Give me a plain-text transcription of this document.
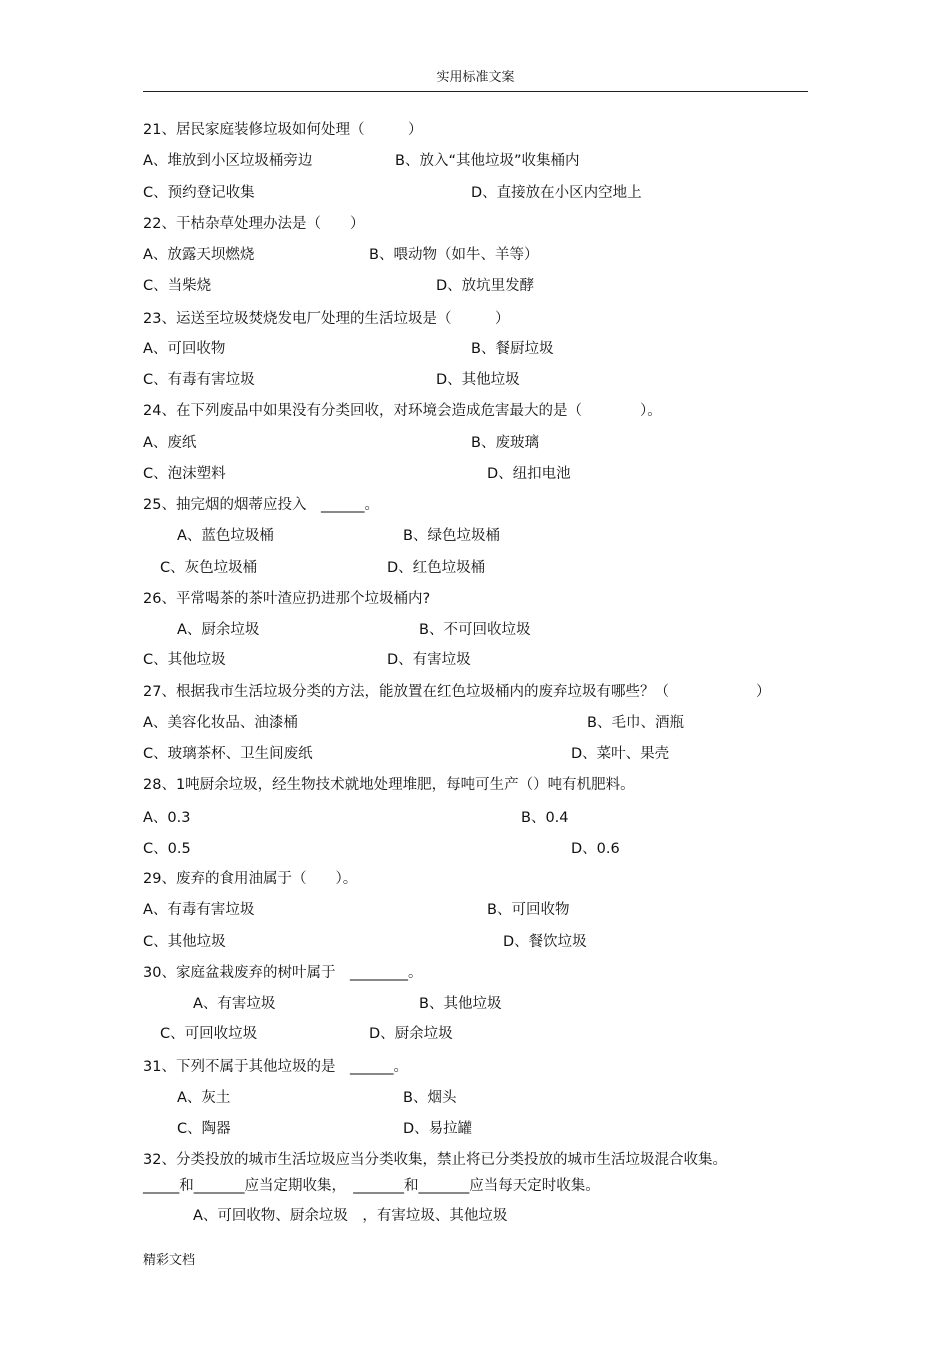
实用标准文案
21、居民家庭装修垃圾如何处理（　　　）
A、堆放到小区垃圾桶旁边	B、放入“其他垃圾”收集桶内
C、预约登记收集	D、直接放在小区内空地上
22、干枯杂草处理办法是（　　）
A、放露天坝燃烧	B、喂动物（如牛、羊等）
C、当柴烧	D、放坑里发酵
23、运送至垃圾焚烧发电厂处理的生活垃圾是（　　　）
A、可回收物	B、餐厨垃圾
C、有毒有害垃圾	D、其他垃圾
24、在下列废品中如果没有分类回收，对环境会造成危害最大的是（　　　　）。
A、废纸	B、废玻璃
C、泡沫塑料	D、纽扣电池
25、抽完烟的烟蒂应投入　______。
A、蓝色垃圾桶	B、绿色垃圾桶
C、灰色垃圾桶	D、红色垃圾桶
26、平常喝茶的茶叶渣应扔进那个垃圾桶内?
A、厨余垃圾	B、不可回收垃圾
C、其他垃圾	D、有害垃圾
27、根据我市生活垃圾分类的方法，能放置在红色垃圾桶内的废弃垃圾有哪些？（　　　　　　）
A、美容化妆品、油漆桶	B、毛巾、酒瓶
C、玻璃茶杯、卫生间废纸	D、菜叶、果壳
28、1吨厨余垃圾，经生物技术就地处理堆肥，每吨可生产（）吨有机肥料。
A、0.3	B、0.4
C、0.5	D、0.6
29、废弃的食用油属于（　　）。
A、有毒有害垃圾	B、可回收物
C、其他垃圾	D、餐饮垃圾
30、家庭盆栽废弃的树叶属于　________。
A、有害垃圾	B、其他垃圾
C、可回收垃圾	D、厨余垃圾
31、下列不属于其他垃圾的是　______。
A、灰土	B、烟头
C、陶器	D、易拉罐
32、分类投放的城市生活垃圾应当分类收集，禁止将已分类投放的城市生活垃圾混合收集。
_____和_______应当定期收集，　_______和_______应当每天定时收集。
A、可回收物、厨余垃圾　，有害垃圾、其他垃圾
精彩文档
